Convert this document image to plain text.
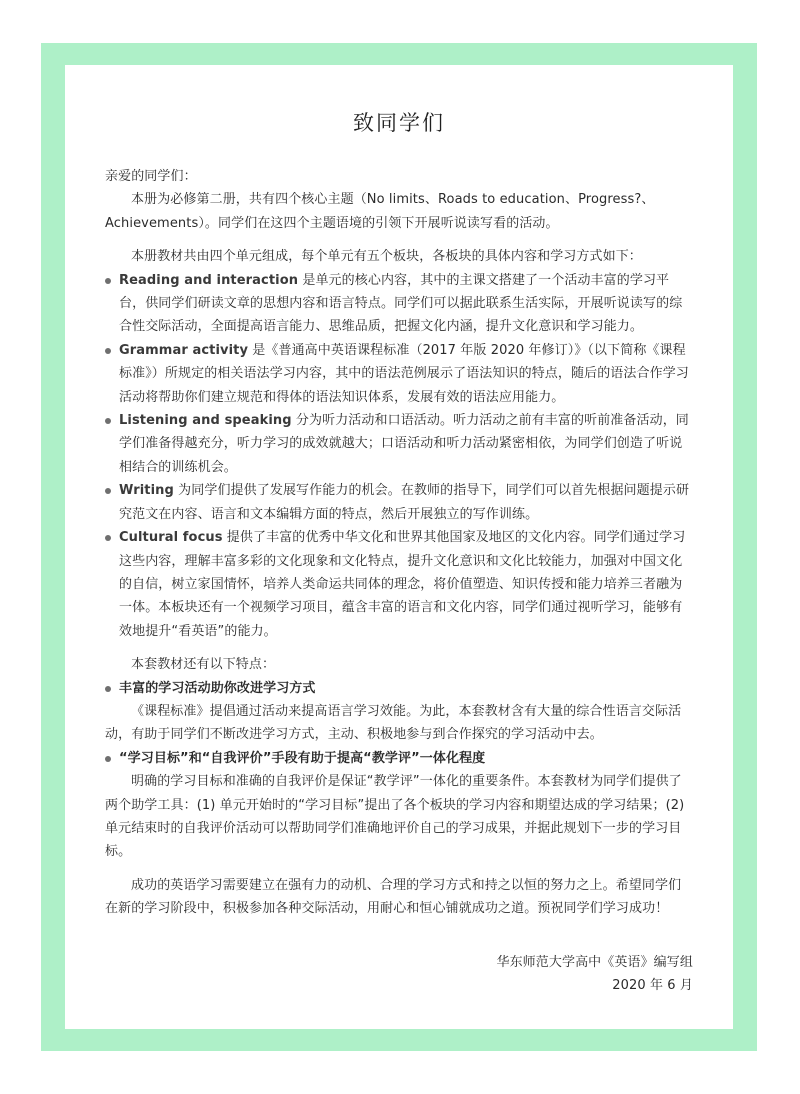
致同学们

亲爱的同学们：

本册为必修第二册，共有四个核心主题（No limits、Roads to education、Progress?、Achievements）。同学们在这四个主题语境的引领下开展听说读写看的活动。

本册教材共由四个单元组成，每个单元有五个板块，各板块的具体内容和学习方式如下：

Reading and interaction 是单元的核心内容，其中的主课文搭建了一个活动丰富的学习平台，供同学们研读文章的思想内容和语言特点。同学们可以据此联系生活实际，开展听说读写的综合性交际活动，全面提高语言能力、思维品质，把握文化内涵，提升文化意识和学习能力。

Grammar activity 是《普通高中英语课程标准（2017 年版 2020 年修订）》（以下简称《课程标准》）所规定的相关语法学习内容，其中的语法范例展示了语法知识的特点，随后的语法合作学习活动将帮助你们建立规范和得体的语法知识体系，发展有效的语法应用能力。

Listening and speaking 分为听力活动和口语活动。听力活动之前有丰富的听前准备活动，同学们准备得越充分，听力学习的成效就越大；口语活动和听力活动紧密相依，为同学们创造了听说相结合的训练机会。

Writing 为同学们提供了发展写作能力的机会。在教师的指导下，同学们可以首先根据问题提示研究范文在内容、语言和文本编辑方面的特点，然后开展独立的写作训练。

Cultural focus 提供了丰富的优秀中华文化和世界其他国家及地区的文化内容。同学们通过学习这些内容，理解丰富多彩的文化现象和文化特点，提升文化意识和文化比较能力，加强对中国文化的自信，树立家国情怀，培养人类命运共同体的理念，将价值塑造、知识传授和能力培养三者融为一体。本板块还有一个视频学习项目，蕴含丰富的语言和文化内容，同学们通过视听学习，能够有效地提升“看英语”的能力。

本套教材还有以下特点：

丰富的学习活动助你改进学习方式

《课程标准》提倡通过活动来提高语言学习效能。为此，本套教材含有大量的综合性语言交际活动，有助于同学们不断改进学习方式，主动、积极地参与到合作探究的学习活动中去。

“学习目标”和“自我评价”手段有助于提高“教学评”一体化程度

明确的学习目标和准确的自我评价是保证“教学评”一体化的重要条件。本套教材为同学们提供了两个助学工具：(1) 单元开始时的“学习目标”提出了各个板块的学习内容和期望达成的学习结果；(2) 单元结束时的自我评价活动可以帮助同学们准确地评价自己的学习成果，并据此规划下一步的学习目标。

成功的英语学习需要建立在强有力的动机、合理的学习方式和持之以恒的努力之上。希望同学们在新的学习阶段中，积极参加各种交际活动，用耐心和恒心铺就成功之道。预祝同学们学习成功！

华东师范大学高中《英语》编写组

2020 年 6 月
